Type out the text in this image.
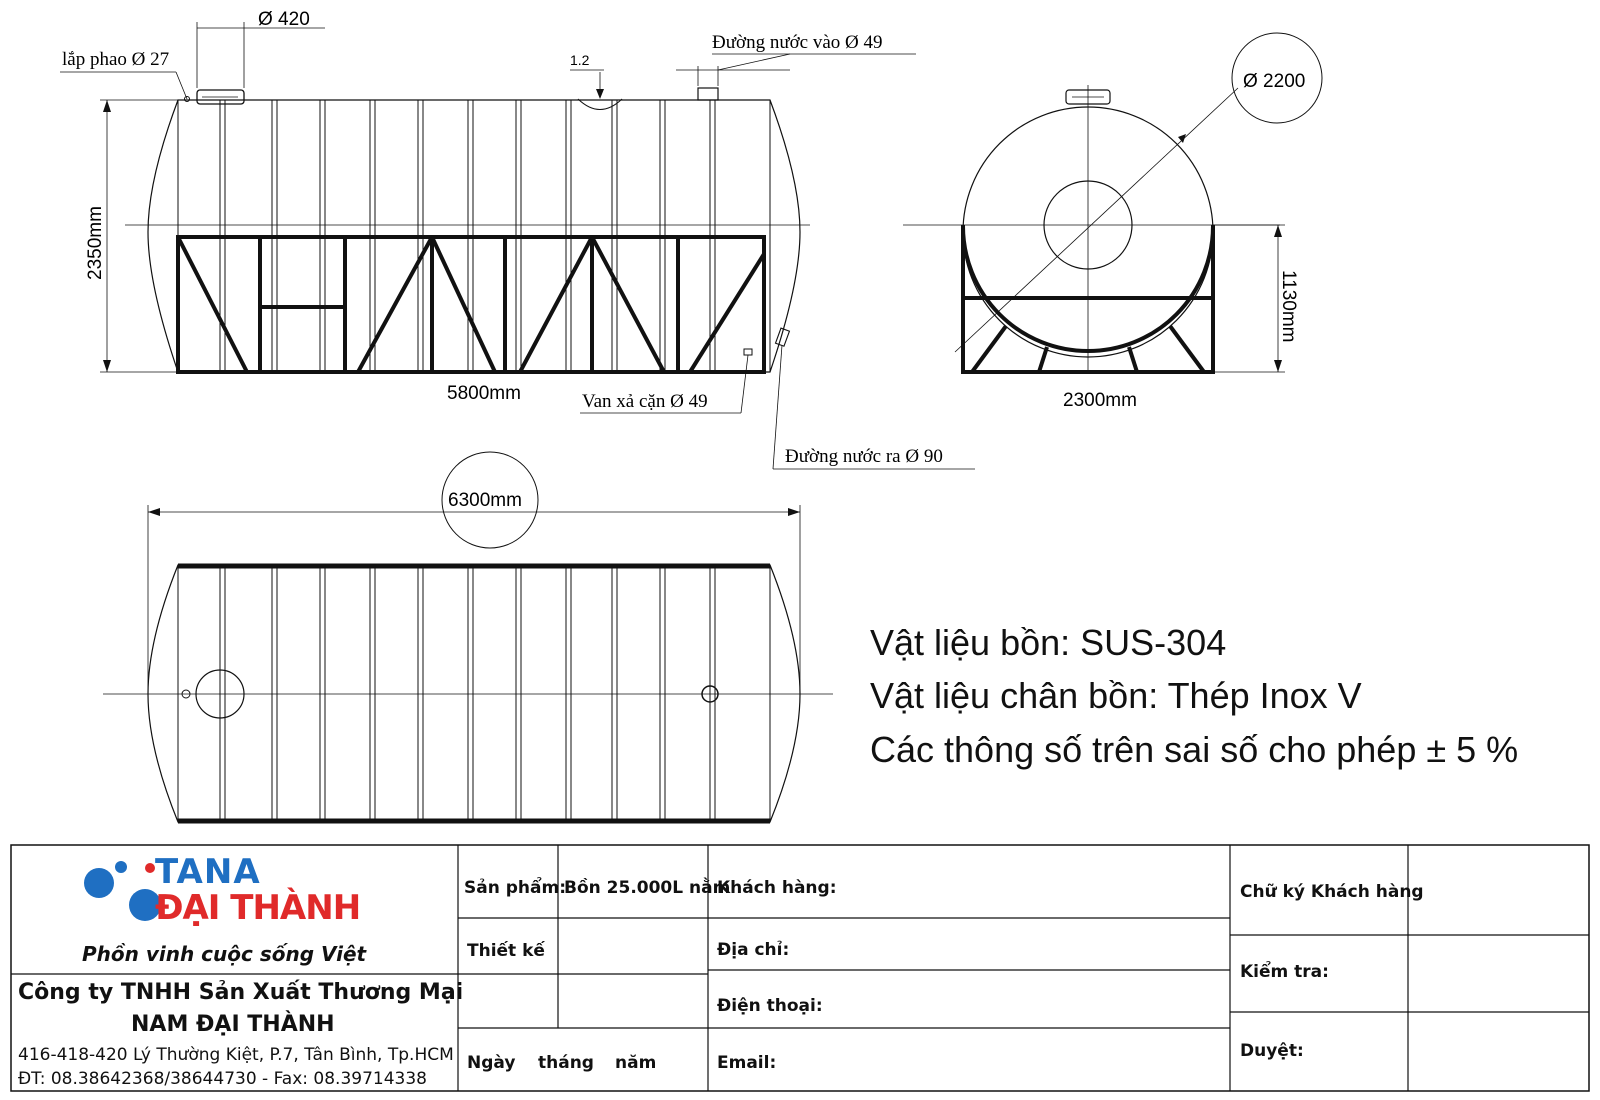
Ø 420
lắp phao Ø 27	1.2
Đường nước vào Ø 49
2350mm
5800mm	Van xả cặn Ø 49
Đường nước ra Ø 90
Ø 2200
1130mm
2300mm
6300mm
Vật liệu bồn: SUS-304
Vật liệu chân bồn: Thép Inox V
Các thông số trên sai số cho phép ± 5 %
TANA
ĐẠI THÀNH
Phồn vinh cuộc sống Việt
Công ty TNHH Sản Xuất Thương Mại
NAM ĐẠI THÀNH
416-418-420 Lý Thường Kiệt, P.7, Tân Bình, Tp.HCM
ĐT: 08.38642368/38644730 - Fax: 08.39714338
Sản phẩm:
Bồn 25.000L nằm
Thiết kế
Ngày tháng năm
Khách hàng:
Địa chỉ:
Điện thoại:
Email:
Chữ ký Khách hàng
Kiểm tra:
Duyệt:
